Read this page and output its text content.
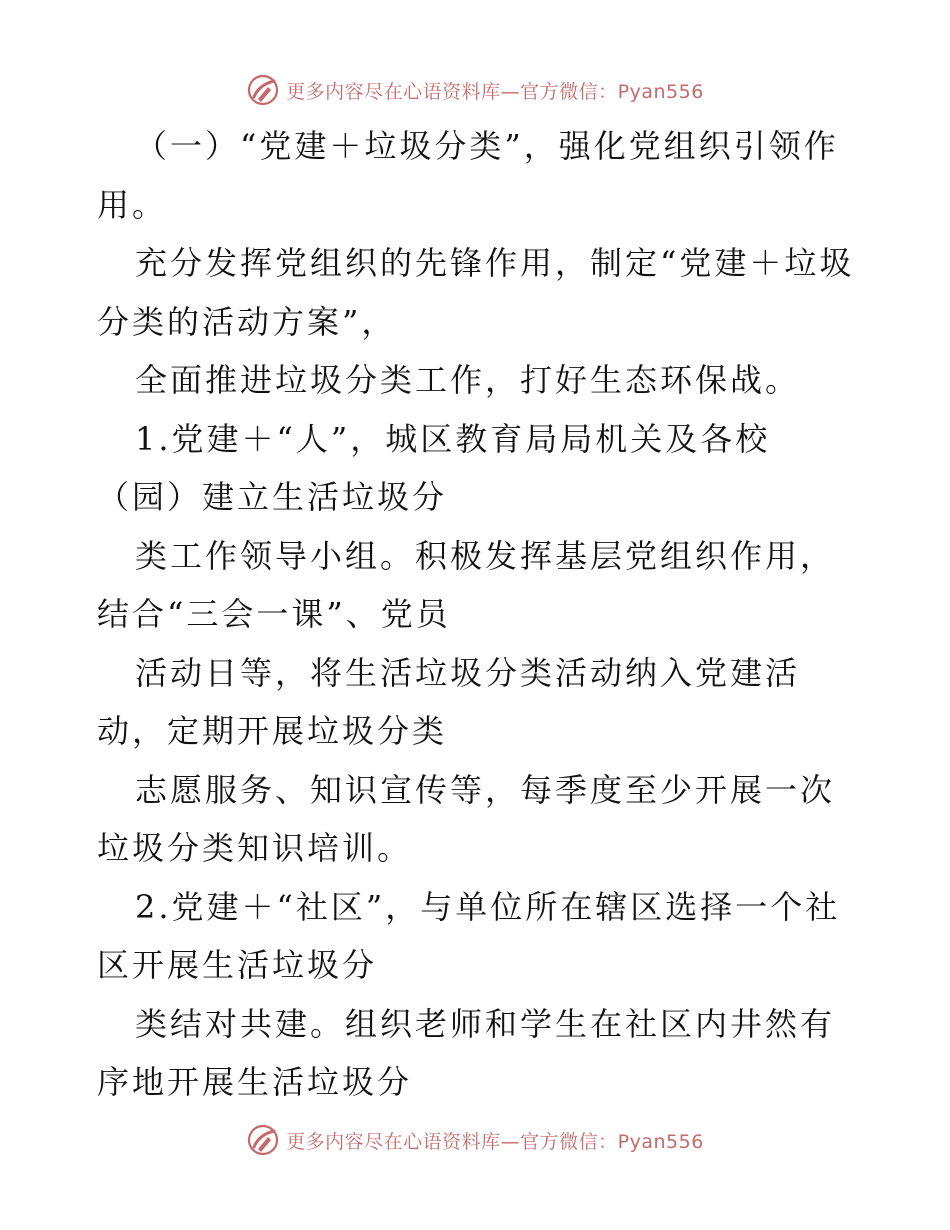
更多内容尽在心语资料库—官方微信：Pyan556

（一）“党建＋垃圾分类”，强化党组织引领作用。

充分发挥党组织的先锋作用，制定“党建＋垃圾分类的活动方案”，

全面推进垃圾分类工作，打好生态环保战。

1.党建＋“人”，城区教育局局机关及各校

（园）建立生活垃圾分

类工作领导小组。积极发挥基层党组织作用，结合“三会一课”、党员

活动日等，将生活垃圾分类活动纳入党建活动，定期开展垃圾分类

志愿服务、知识宣传等，每季度至少开展一次垃圾分类知识培训。

2.党建＋“社区”，与单位所在辖区选择一个社区开展生活垃圾分

类结对共建。组织老师和学生在社区内井然有序地开展生活垃圾分

更多内容尽在心语资料库—官方微信：Pyan556
